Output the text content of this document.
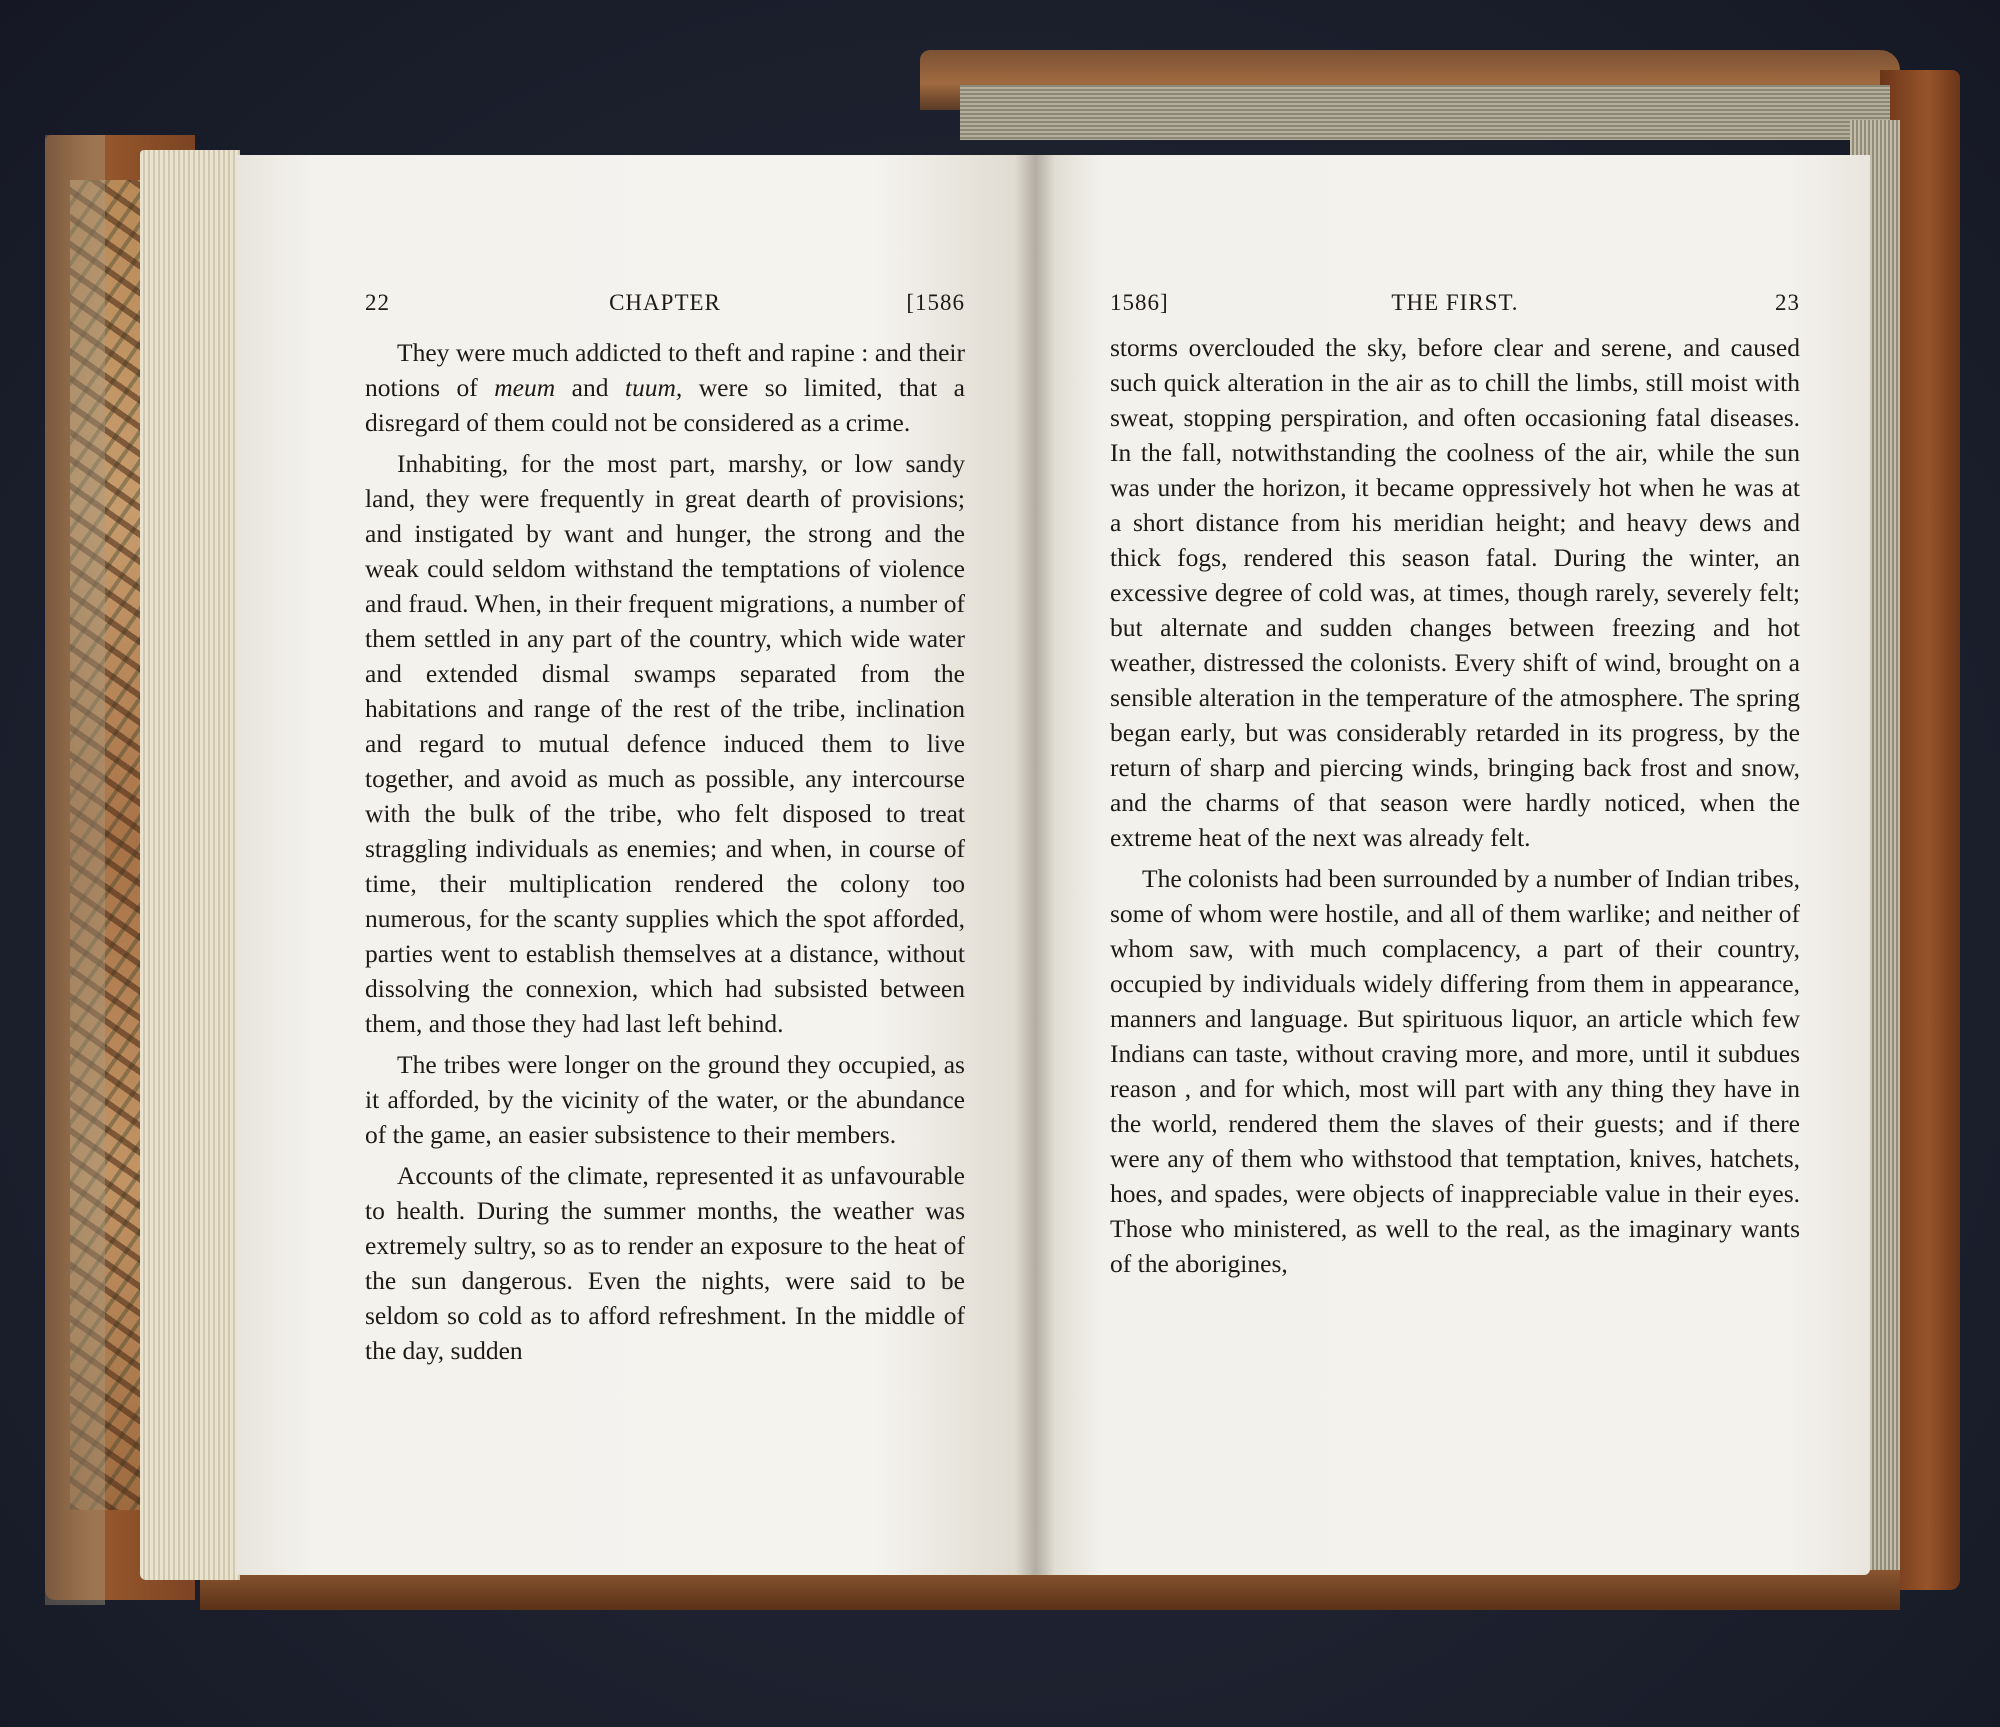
22	CHAPTER	[1586

They were much addicted to theft and rapine : and their notions of meum and tuum, were so limited, that a disregard of them could not be considered as a crime.

Inhabiting, for the most part, marshy, or low sandy land, they were frequently in great dearth of provisions; and instigated by want and hunger, the strong and the weak could seldom withstand the temptations of violence and fraud. When, in their frequent migrations, a number of them settled in any part of the country, which wide water and extended dismal swamps separated from the habitations and range of the rest of the tribe, inclination and regard to mutual defence induced them to live together, and avoid as much as possible, any intercourse with the bulk of the tribe, who felt disposed to treat straggling individuals as enemies; and when, in course of time, their multiplication rendered the colony too numerous, for the scanty supplies which the spot afforded, parties went to establish themselves at a distance, without dissolving the connexion, which had subsisted between them, and those they had last left behind.

The tribes were longer on the ground they occupied, as it afforded, by the vicinity of the water, or the abundance of the game, an easier subsistence to their members.

Accounts of the climate, represented it as unfavourable to health. During the summer months, the weather was extremely sultry, so as to render an exposure to the heat of the sun dangerous. Even the nights, were said to be seldom so cold as to afford refreshment. In the middle of the day, sudden

1586]	THE FIRST.	23

storms overclouded the sky, before clear and serene, and caused such quick alteration in the air as to chill the limbs, still moist with sweat, stopping perspiration, and often occasioning fatal diseases. In the fall, notwithstanding the coolness of the air, while the sun was under the horizon, it became oppressively hot when he was at a short distance from his meridian height; and heavy dews and thick fogs, rendered this season fatal. During the winter, an excessive degree of cold was, at times, though rarely, severely felt; but alternate and sudden changes between freezing and hot weather, distressed the colonists. Every shift of wind, brought on a sensible alteration in the temperature of the atmosphere. The spring began early, but was considerably retarded in its progress, by the return of sharp and piercing winds, bringing back frost and snow, and the charms of that season were hardly noticed, when the extreme heat of the next was already felt.

The colonists had been surrounded by a number of Indian tribes, some of whom were hostile, and all of them warlike; and neither of whom saw, with much complacency, a part of their country, occupied by individuals widely differing from them in appearance, manners and language. But spirituous liquor, an article which few Indians can taste, without craving more, and more, until it subdues reason , and for which, most will part with any thing they have in the world, rendered them the slaves of their guests; and if there were any of them who withstood that temptation, knives, hatchets, hoes, and spades, were objects of inappreciable value in their eyes. Those who ministered, as well to the real, as the imaginary wants of the aborigines,
